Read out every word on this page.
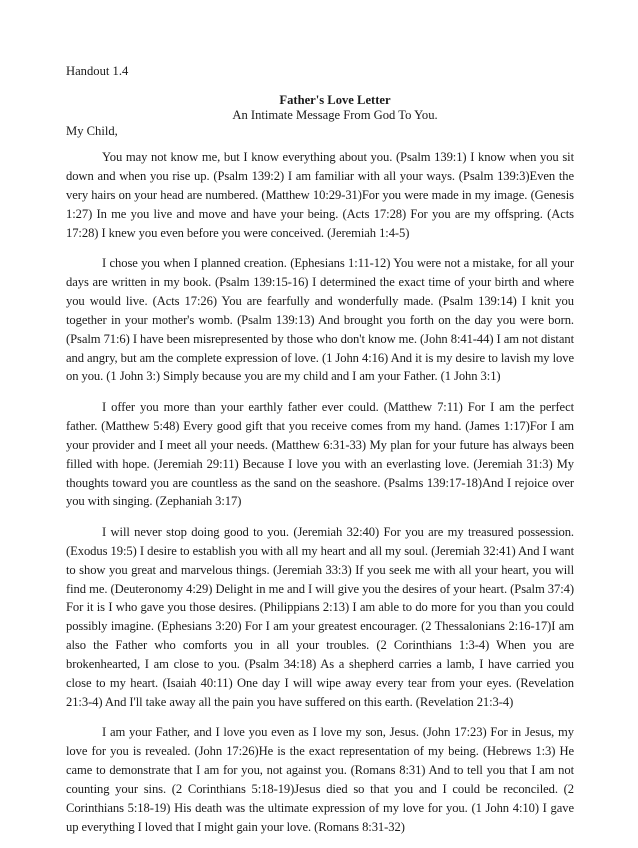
Handout 1.4

Father's Love Letter

An Intimate Message From God To You.

My Child,

You may not know me, but I know everything about you. (Psalm 139:1) I know when you sit down and when you rise up. (Psalm 139:2) I am familiar with all your ways. (Psalm 139:3)Even the very hairs on your head are numbered. (Matthew 10:29-31)For you were made in my image. (Genesis 1:27) In me you live and move and have your being. (Acts 17:28) For you are my offspring. (Acts 17:28) I knew you even before you were conceived. (Jeremiah 1:4-5)

I chose you when I planned creation. (Ephesians 1:11-12) You were not a mistake, for all your days are written in my book. (Psalm 139:15-16) I determined the exact time of your birth and where you would live. (Acts 17:26) You are fearfully and wonderfully made. (Psalm 139:14) I knit you together in your mother's womb. (Psalm 139:13) And brought you forth on the day you were born. (Psalm 71:6) I have been misrepresented by those who don't know me. (John 8:41-44) I am not distant and angry, but am the complete expression of love. (1 John 4:16) And it is my desire to lavish my love on you. (1 John 3:) Simply because you are my child and I am your Father. (1 John 3:1)

I offer you more than your earthly father ever could. (Matthew 7:11) For I am the perfect father. (Matthew 5:48) Every good gift that you receive comes from my hand. (James 1:17)For I am your provider and I meet all your needs. (Matthew 6:31-33) My plan for your future has always been filled with hope. (Jeremiah 29:11) Because I love you with an everlasting love. (Jeremiah 31:3) My thoughts toward you are countless as the sand on the seashore. (Psalms 139:17-18)And I rejoice over you with singing. (Zephaniah 3:17)

I will never stop doing good to you. (Jeremiah 32:40) For you are my treasured possession. (Exodus 19:5) I desire to establish you with all my heart and all my soul. (Jeremiah 32:41) And I want to show you great and marvelous things. (Jeremiah 33:3) If you seek me with all your heart, you will find me. (Deuteronomy 4:29) Delight in me and I will give you the desires of your heart. (Psalm 37:4) For it is I who gave you those desires. (Philippians 2:13) I am able to do more for you than you could possibly imagine. (Ephesians 3:20) For I am your greatest encourager. (2 Thessalonians 2:16-17)I am also the Father who comforts you in all your troubles. (2 Corinthians 1:3-4) When you are brokenhearted, I am close to you. (Psalm 34:18) As a shepherd carries a lamb, I have carried you close to my heart. (Isaiah 40:11) One day I will wipe away every tear from your eyes. (Revelation 21:3-4) And I'll take away all the pain you have suffered on this earth. (Revelation 21:3-4)

I am your Father, and I love you even as I love my son, Jesus. (John 17:23) For in Jesus, my love for you is revealed. (John 17:26)He is the exact representation of my being. (Hebrews 1:3) He came to demonstrate that I am for you, not against you. (Romans 8:31) And to tell you that I am not counting your sins. (2 Corinthians 5:18-19)Jesus died so that you and I could be reconciled. (2 Corinthians 5:18-19) His death was the ultimate expression of my love for you. (1 John 4:10) I gave up everything I loved that I might gain your love. (Romans 8:31-32)
